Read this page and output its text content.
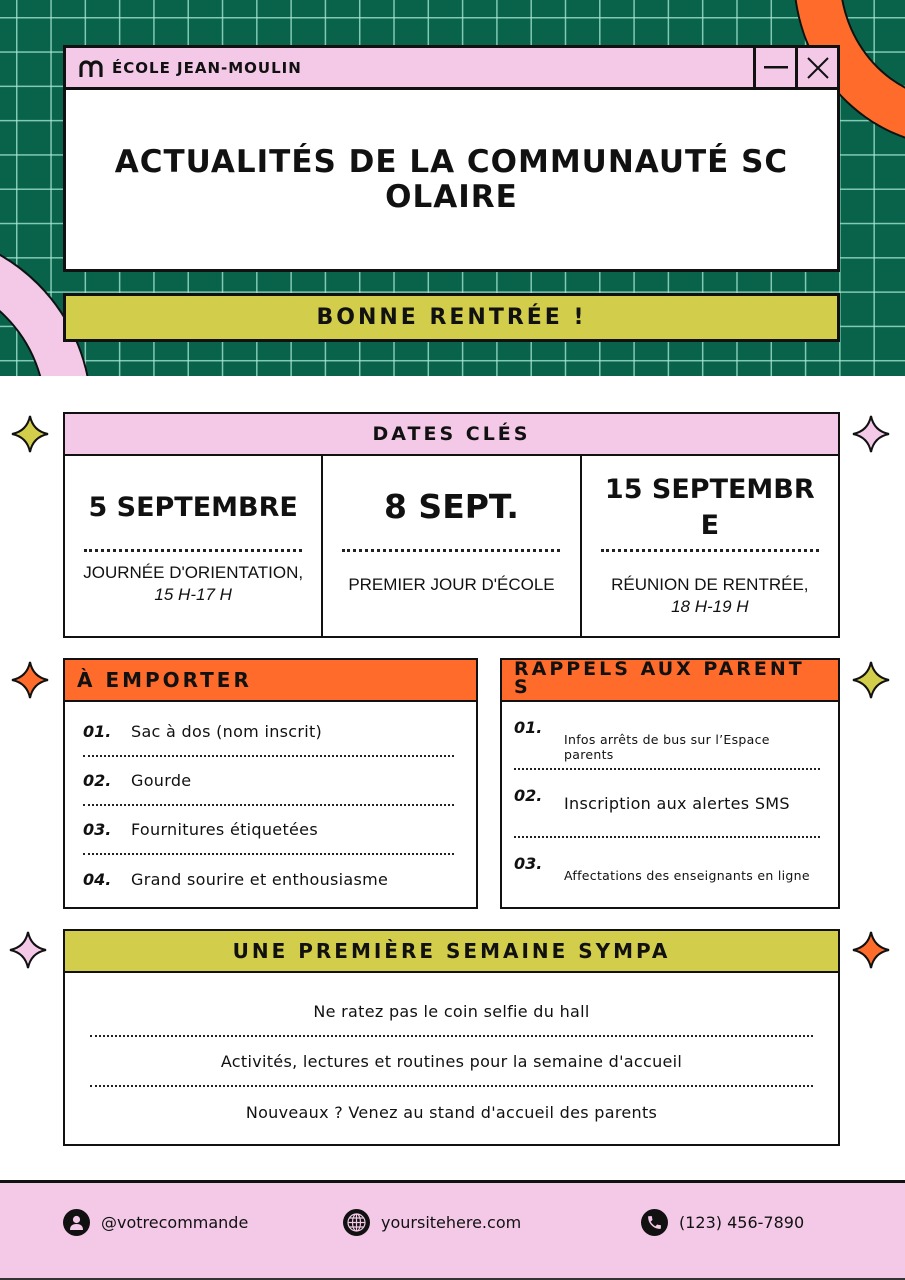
ÉCOLE JEAN-MOULIN
ACTUALITÉS DE LA COMMUNAUTÉ SCOLAIRE
BONNE RENTRÉE !
DATES CLÉS
5 SEPTEMBRE
JOURNÉE D'ORIENTATION,
15 H-17 H
8 SEPT.
PREMIER JOUR D'ÉCOLE
15 SEPTEMBRE
RÉUNION DE RENTRÉE,
18 H-19 H
À EMPORTER
01.	Sac à dos (nom inscrit)
02.	Gourde
03.	Fournitures étiquetées
04.	Grand sourire et enthousiasme
RAPPELS AUX PARENTS
01.
Infos arrêts de bus sur l’Espace parents
02.	Inscription aux alertes SMS
03.
Affectations des enseignants en ligne
UNE PREMIÈRE SEMAINE SYMPA
Ne ratez pas le coin selfie du hall
Activités, lectures et routines pour la semaine d'accueil
Nouveaux ? Venez au stand d'accueil des parents
@votrecommande	yoursitehere.com	(123) 456-7890
